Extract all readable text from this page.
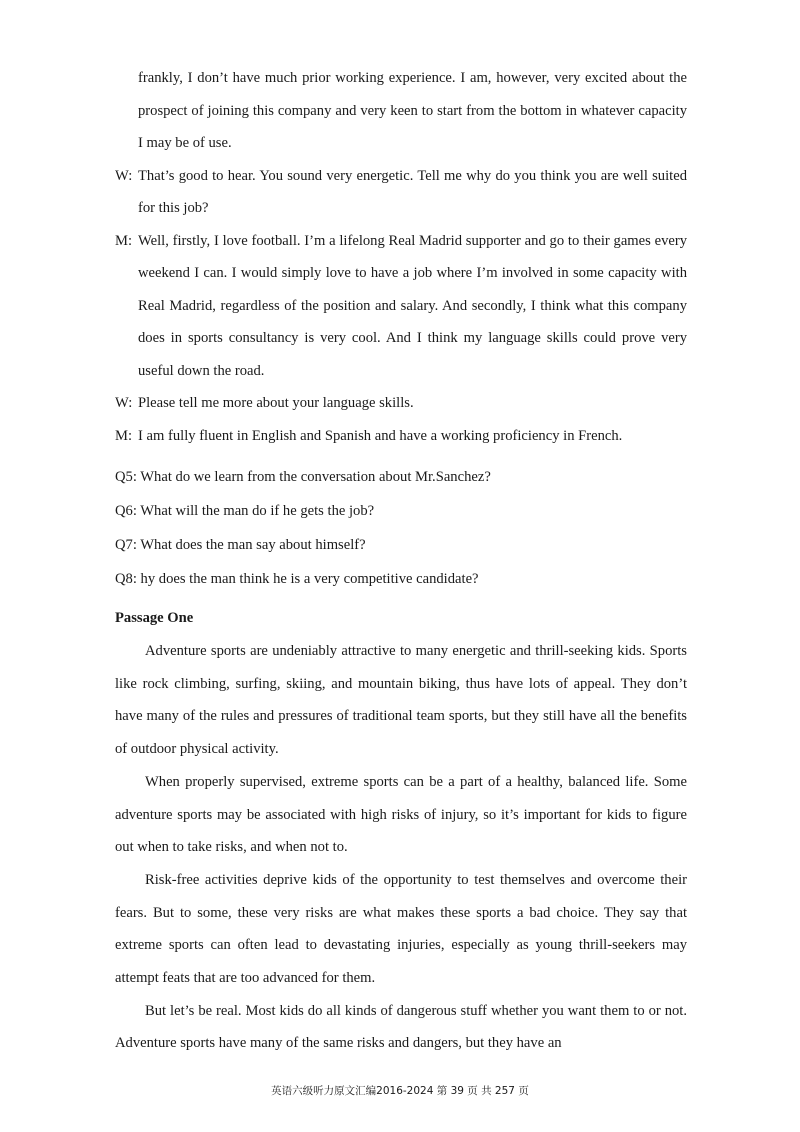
frankly, I don’t have much prior working experience. I am, however, very excited about the prospect of joining this company and very keen to start from the bottom in whatever capacity I may be of use.
W: That’s good to hear. You sound very energetic. Tell me why do you think you are well suited for this job?
M: Well, firstly, I love football. I’m a lifelong Real Madrid supporter and go to their games every weekend I can. I would simply love to have a job where I’m involved in some capacity with Real Madrid, regardless of the position and salary. And secondly, I think what this company does in sports consultancy is very cool. And I think my language skills could prove very useful down the road.
W: Please tell me more about your language skills.
M: I am fully fluent in English and Spanish and have a working proficiency in French.
Q5: What do we learn from the conversation about Mr.Sanchez?
Q6: What will the man do if he gets the job?
Q7: What does the man say about himself?
Q8: hy does the man think he is a very competitive candidate?
Passage One

Adventure sports are undeniably attractive to many energetic and thrill-seeking kids. Sports like rock climbing, surfing, skiing, and mountain biking, thus have lots of appeal. They don’t have many of the rules and pressures of traditional team sports, but they still have all the benefits of outdoor physical activity.

When properly supervised, extreme sports can be a part of a healthy, balanced life. Some adventure sports may be associated with high risks of injury, so it’s important for kids to figure out when to take risks, and when not to.

Risk-free activities deprive kids of the opportunity to test themselves and overcome their fears. But to some, these very risks are what makes these sports a bad choice. They say that extreme sports can often lead to devastating injuries, especially as young thrill-seekers may attempt feats that are too advanced for them.

But let’s be real. Most kids do all kinds of dangerous stuff whether you want them to or not. Adventure sports have many of the same risks and dangers, but they have an

英语六级听力原文汇编2016-2024 第 39 页 共 257 页
